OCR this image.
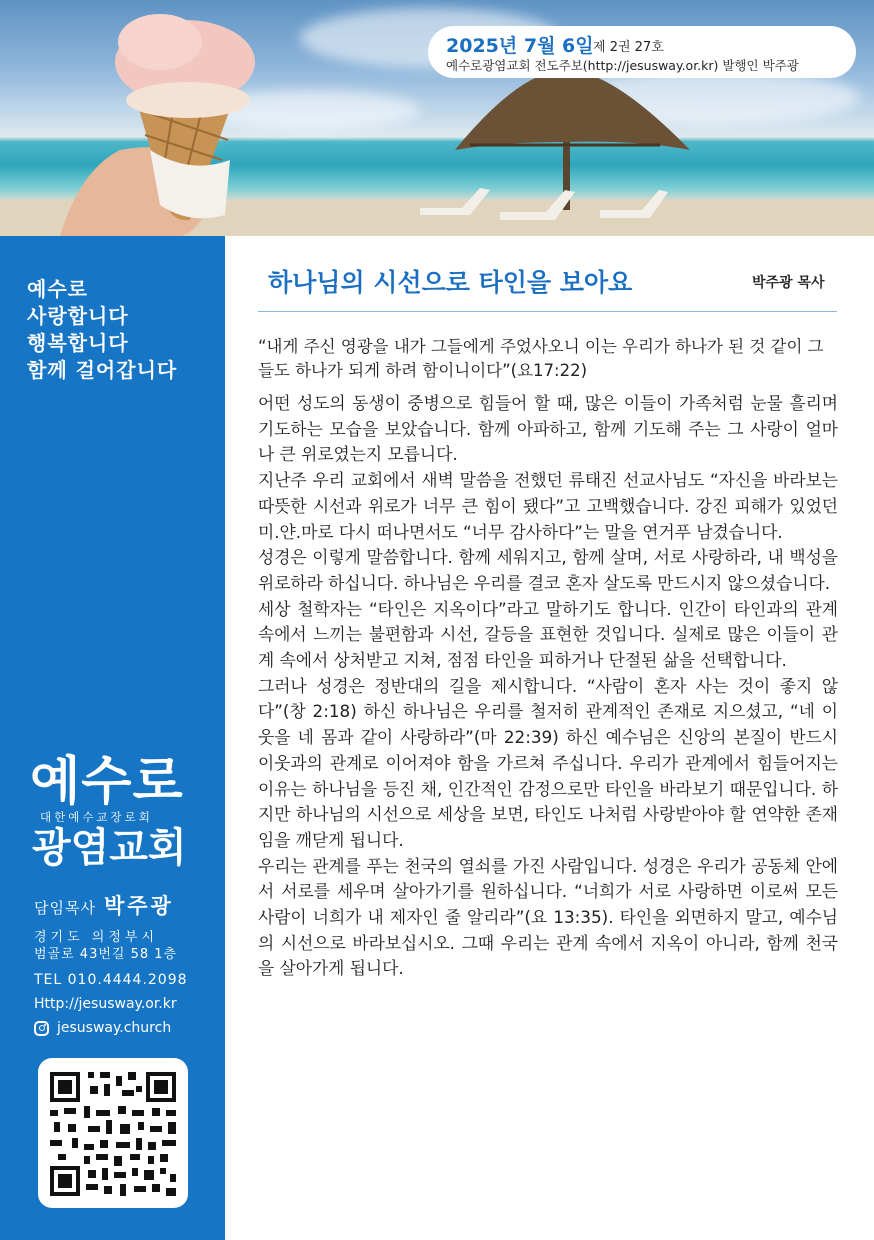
2025년 7월 6일 제 2권 27호
예수로광염교회 전도주보(http://jesusway.or.kr) 발행인 박주광
예수로
사랑합니다
행복합니다
함께 걸어갑니다
예수로
대한예수교장로회
광염교회
담임목사 박주광
경기도 의정부시
범골로 43번길 58 1층
TEL 010.4444.2098
Http://jesusway.or.kr
jesusway.church
하나님의 시선으로 타인을 보아요	박주광 목사
“내게 주신 영광을 내가 그들에게 주었사오니 이는 우리가 하나가 된 것 같이 그들도 하나가 되게 하려 함이니이다”(요17:22)

어떤 성도의 동생이 중병으로 힘들어 할 때, 많은 이들이 가족처럼 눈물 흘리며 기도하는 모습을 보았습니다. 함께 아파하고, 함께 기도해 주는 그 사랑이 얼마나 큰 위로였는지 모릅니다.

지난주 우리 교회에서 새벽 말씀을 전했던 류태진 선교사님도 “자신을 바라보는 따뜻한 시선과 위로가 너무 큰 힘이 됐다”고 고백했습니다. 강진 피해가 있었던 미.얀.마로 다시 떠나면서도 “너무 감사하다”는 말을 연거푸 남겼습니다.

성경은 이렇게 말씀합니다. 함께 세워지고, 함께 살며, 서로 사랑하라, 내 백성을 위로하라 하십니다. 하나님은 우리를 결코 혼자 살도록 만드시지 않으셨습니다.

세상 철학자는 “타인은 지옥이다”라고 말하기도 합니다. 인간이 타인과의 관계 속에서 느끼는 불편함과 시선, 갈등을 표현한 것입니다. 실제로 많은 이들이 관계 속에서 상처받고 지쳐, 점점 타인을 피하거나 단절된 삶을 선택합니다.

그러나 성경은 정반대의 길을 제시합니다. “사람이 혼자 사는 것이 좋지 않다”(창 2:18) 하신 하나님은 우리를 철저히 관계적인 존재로 지으셨고, “네 이웃을 네 몸과 같이 사랑하라”(마 22:39) 하신 예수님은 신앙의 본질이 반드시 이웃과의 관계로 이어져야 함을 가르쳐 주십니다. 우리가 관계에서 힘들어지는 이유는 하나님을 등진 채, 인간적인 감정으로만 타인을 바라보기 때문입니다. 하지만 하나님의 시선으로 세상을 보면, 타인도 나처럼 사랑받아야 할 연약한 존재임을 깨닫게 됩니다.

우리는 관계를 푸는 천국의 열쇠를 가진 사람입니다. 성경은 우리가 공동체 안에서 서로를 세우며 살아가기를 원하십니다. “너희가 서로 사랑하면 이로써 모든 사람이 너희가 내 제자인 줄 알리라”(요 13:35). 타인을 외면하지 말고, 예수님의 시선으로 바라보십시오. 그때 우리는 관계 속에서 지옥이 아니라, 함께 천국을 살아가게 됩니다.
